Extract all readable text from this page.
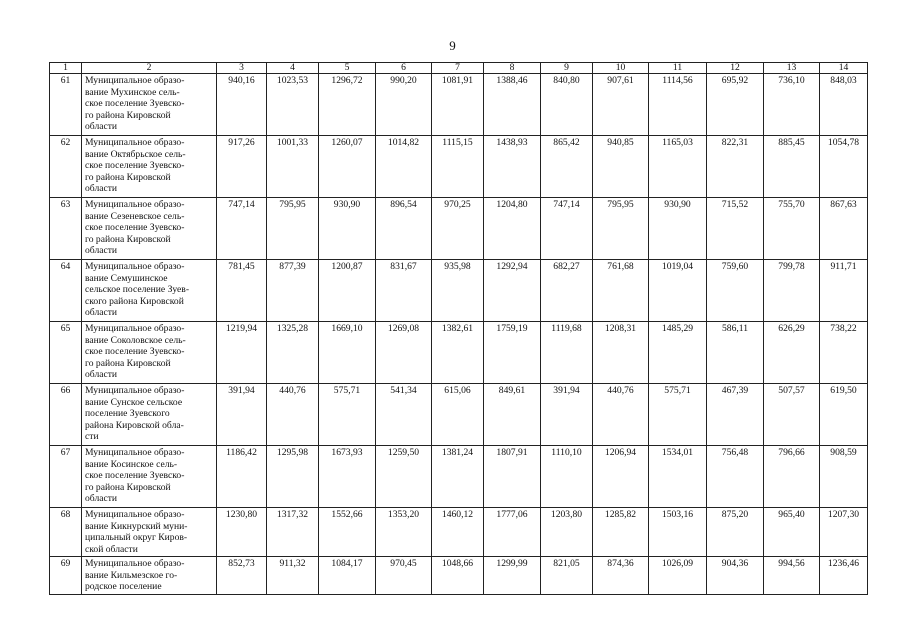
9
1	2	3	4	5	6	7	8	9	10	11	12	13	14
61	Муниципальное образо-
вание Мухинское сель-
ское поселение Зуевско-
го района Кировской
области	940,16	1023,53	1296,72	990,20	1081,91	1388,46	840,80	907,61	1114,56	695,92	736,10	848,03
62	Муниципальное образо-
вание Октябрьское сель-
ское поселение Зуевско-
го района Кировской
области	917,26	1001,33	1260,07	1014,82	1115,15	1438,93	865,42	940,85	1165,03	822,31	885,45	1054,78
63	Муниципальное образо-
вание Сезеневское сель-
ское поселение Зуевско-
го района Кировской
области	747,14	795,95	930,90	896,54	970,25	1204,80	747,14	795,95	930,90	715,52	755,70	867,63
64	Муниципальное образо-
вание Семушинское
сельское поселение Зуев-
ского района Кировской
области	781,45	877,39	1200,87	831,67	935,98	1292,94	682,27	761,68	1019,04	759,60	799,78	911,71
65	Муниципальное образо-
вание Соколовское сель-
ское поселение Зуевско-
го района Кировской
области	1219,94	1325,28	1669,10	1269,08	1382,61	1759,19	1119,68	1208,31	1485,29	586,11	626,29	738,22
66	Муниципальное образо-
вание Сунское сельское
поселение Зуевского
района Кировской обла-
сти	391,94	440,76	575,71	541,34	615,06	849,61	391,94	440,76	575,71	467,39	507,57	619,50
67	Муниципальное образо-
вание Косинское сель-
ское поселение Зуевско-
го района Кировской
области	1186,42	1295,98	1673,93	1259,50	1381,24	1807,91	1110,10	1206,94	1534,01	756,48	796,66	908,59
68	Муниципальное образо-
вание Кикнурский муни-
ципальный округ Киров-
ской области	1230,80	1317,32	1552,66	1353,20	1460,12	1777,06	1203,80	1285,82	1503,16	875,20	965,40	1207,30
69	Муниципальное образо-
вание Кильмезское го-
родское поселение	852,73	911,32	1084,17	970,45	1048,66	1299,99	821,05	874,36	1026,09	904,36	994,56	1236,46
